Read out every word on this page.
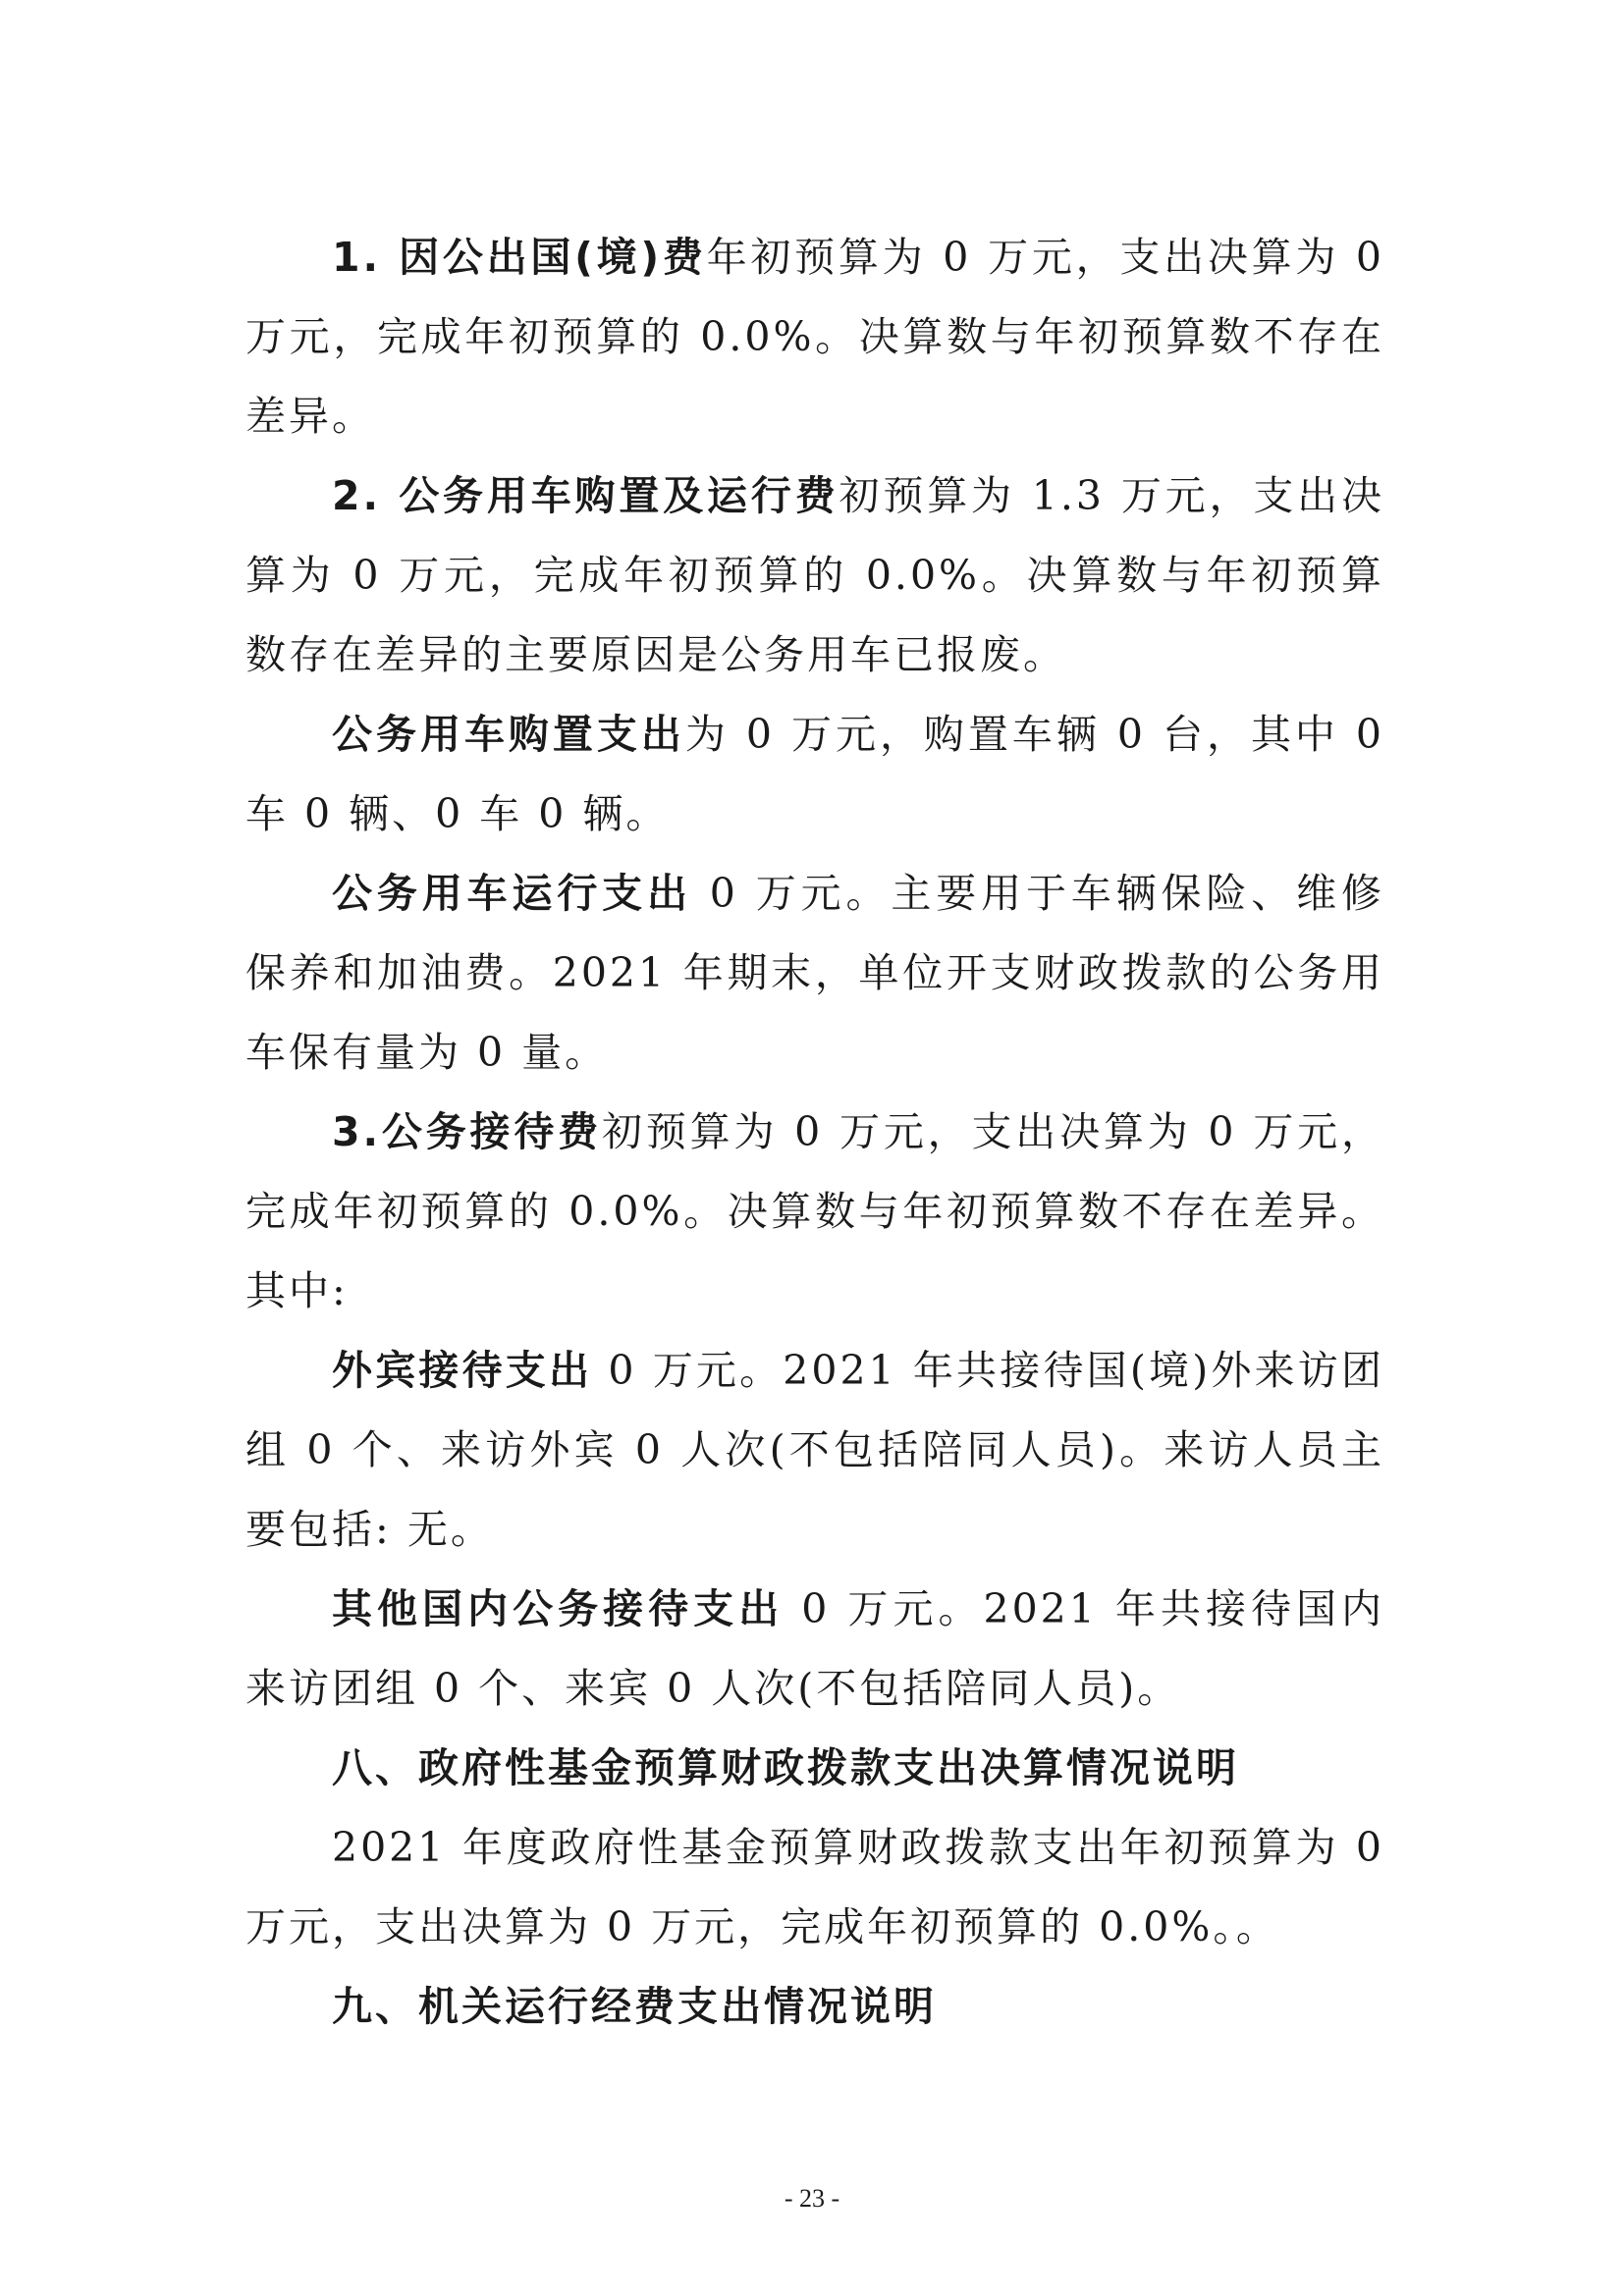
1. 因公出国(境)费年初预算为 0 万元，支出决算为 0 万元，完成年初预算的 0.0%。决算数与年初预算数不存在差异。

2. 公务用车购置及运行费初预算为 1.3 万元，支出决算为 0 万元，完成年初预算的 0.0%。决算数与年初预算数存在差异的主要原因是公务用车已报废。

公务用车购置支出为 0 万元，购置车辆 0 台，其中 0 车 0 辆、0 车 0 辆。

公务用车运行支出 0 万元。主要用于车辆保险、维修保养和加油费。2021 年期末，单位开支财政拨款的公务用车保有量为 0 量。

3.公务接待费初预算为 0 万元，支出决算为 0 万元，完成年初预算的 0.0%。决算数与年初预算数不存在差异。其中:

外宾接待支出 0 万元。2021 年共接待国(境)外来访团组 0 个、来访外宾 0 人次(不包括陪同人员)。来访人员主要包括: 无。

其他国内公务接待支出 0 万元。2021 年共接待国内来访团组 0 个、来宾 0 人次(不包括陪同人员)。

八、政府性基金预算财政拨款支出决算情况说明

2021 年度政府性基金预算财政拨款支出年初预算为 0 万元，支出决算为 0 万元，完成年初预算的 0.0%。。

九、机关运行经费支出情况说明

- 23 -
